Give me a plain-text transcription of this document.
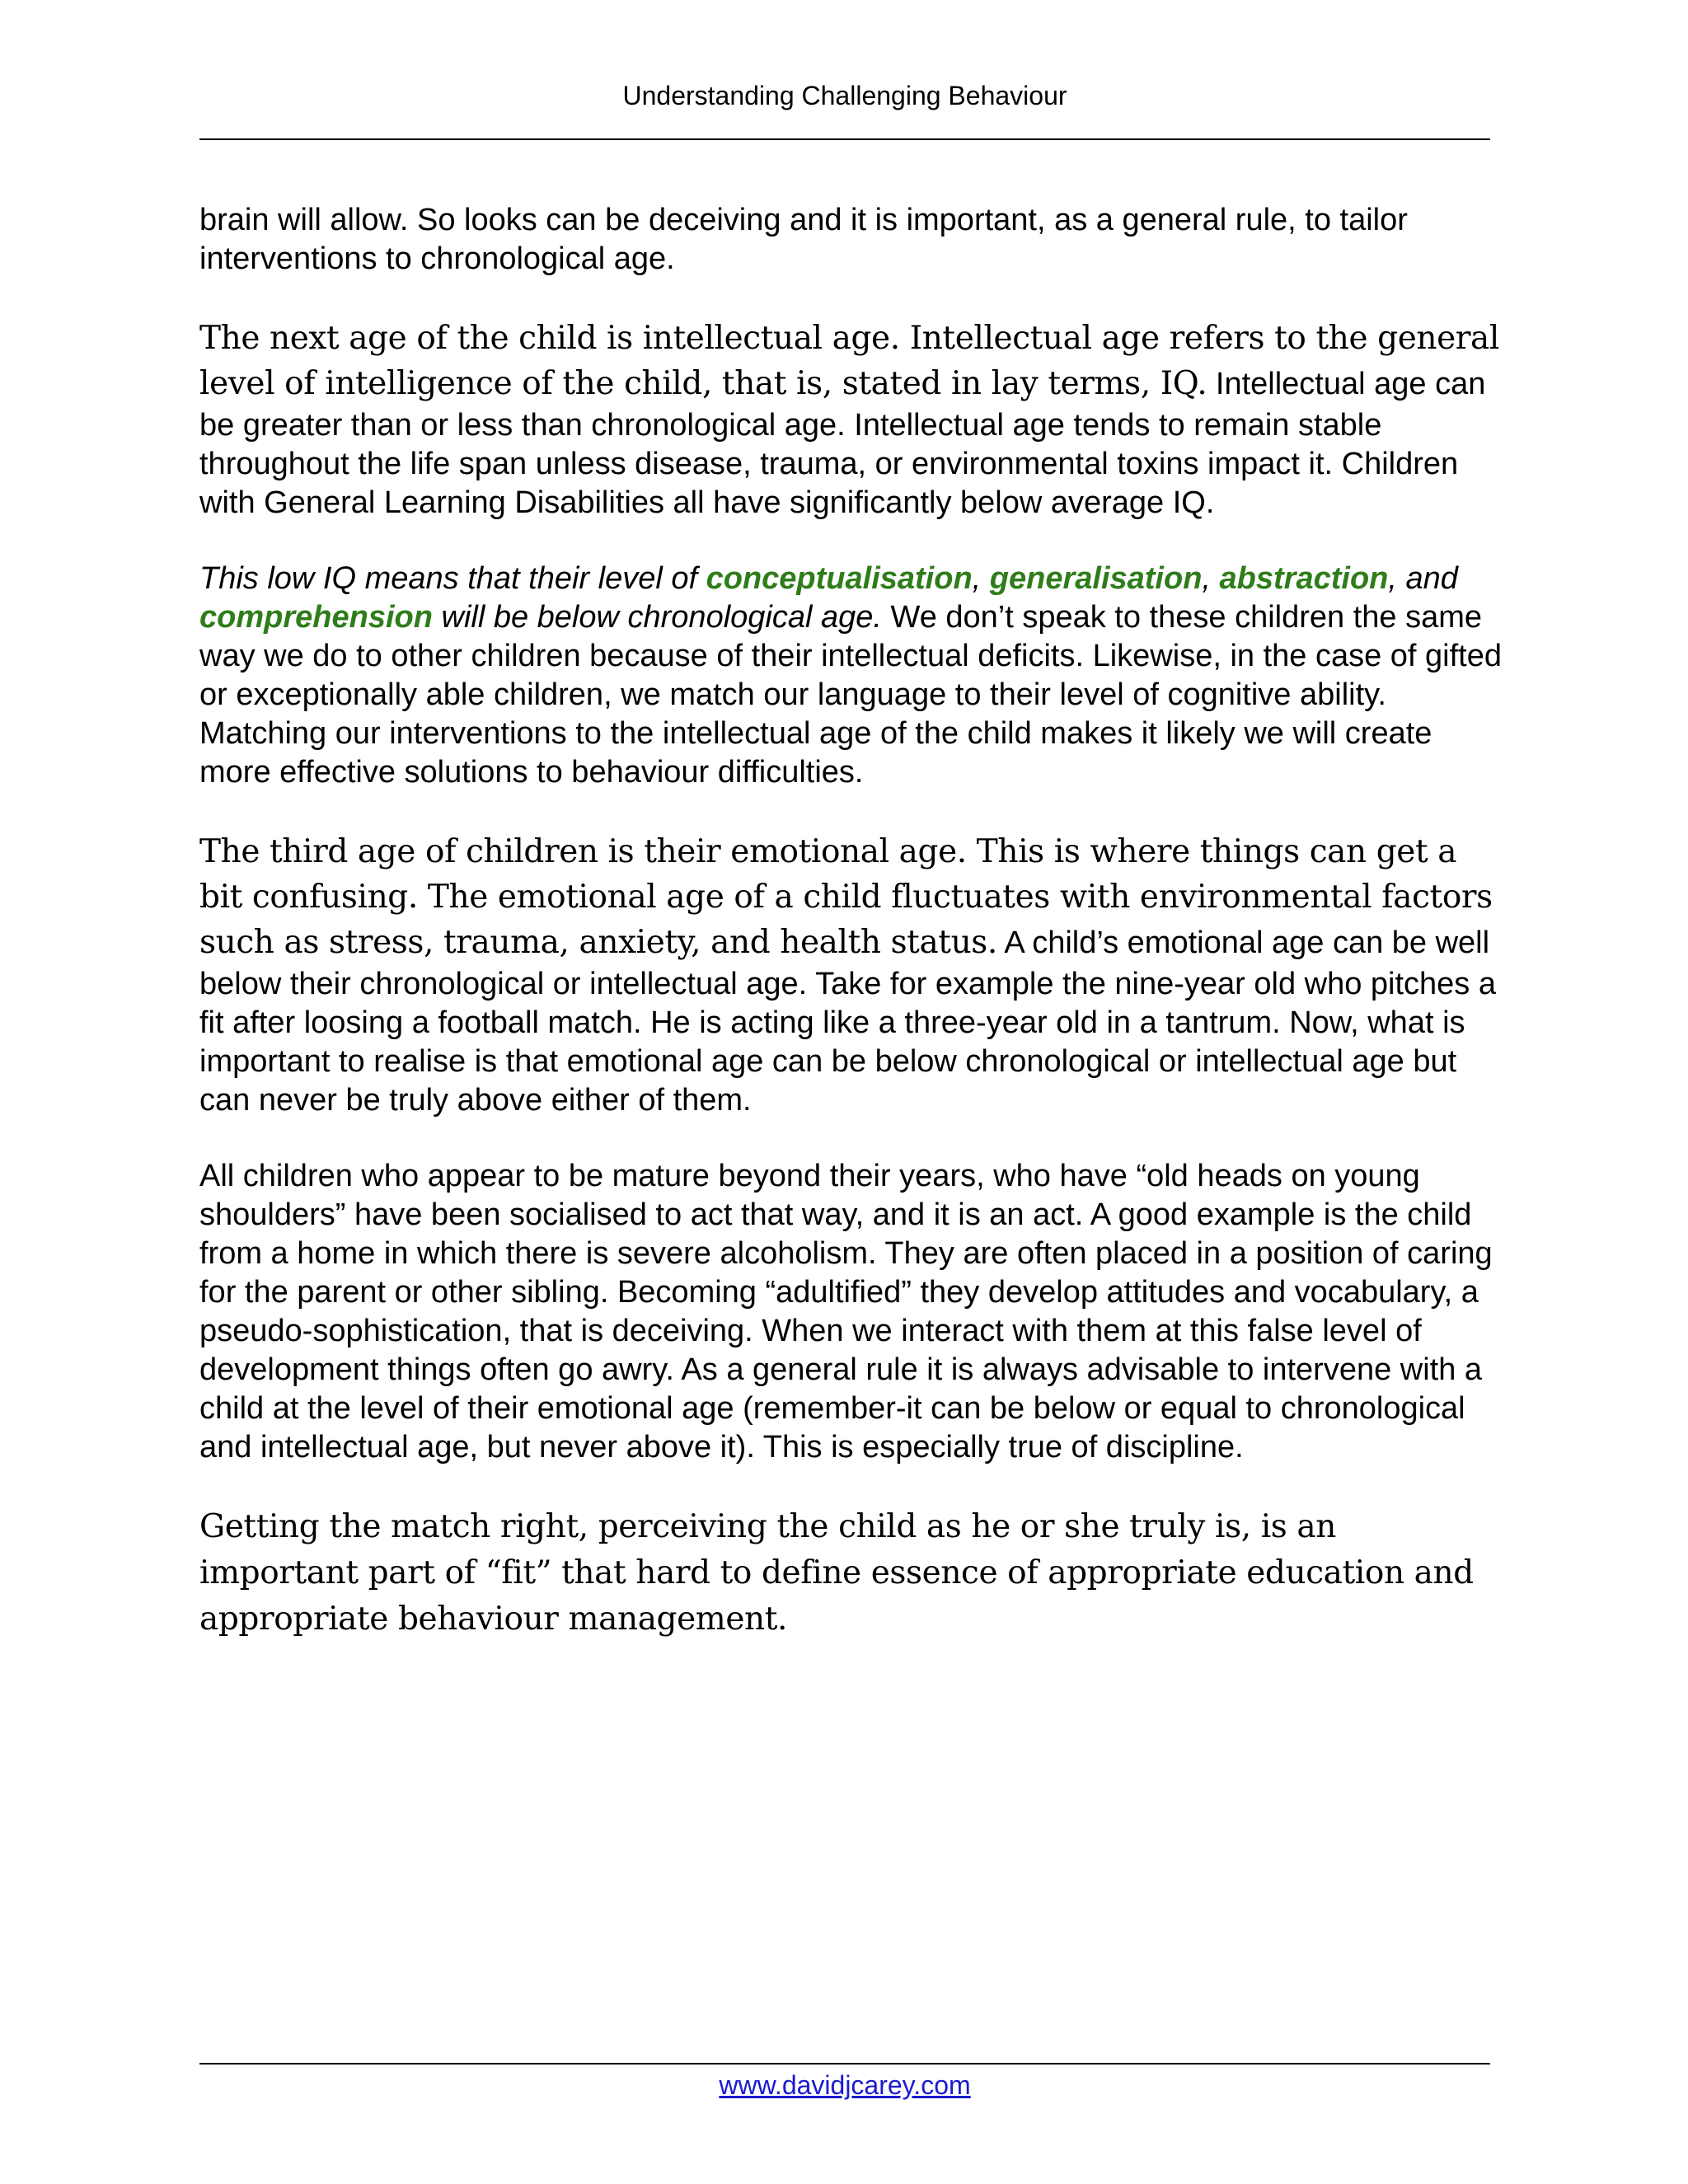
Understanding Challenging Behaviour

brain will allow. So looks can be deceiving and it is important, as a general rule, to tailor interventions to chronological age.

The next age of the child is intellectual age. Intellectual age refers to the general level of intelligence of the child, that is, stated in lay terms, IQ. Intellectual age can be greater than or less than chronological age. Intellectual age tends to remain stable throughout the life span unless disease, trauma, or environmental toxins impact it. Children with General Learning Disabilities all have significantly below average IQ.

This low IQ means that their level of conceptualisation, generalisation, abstraction, and comprehension will be below chronological age. We don’t speak to these children the same way we do to other children because of their intellectual deficits. Likewise, in the case of gifted or exceptionally able children, we match our language to their level of cognitive ability. Matching our interventions to the intellectual age of the child makes it likely we will create more effective solutions to behaviour difficulties.

The third age of children is their emotional age. This is where things can get a bit confusing. The emotional age of a child fluctuates with environmental factors such as stress, trauma, anxiety, and health status. A child’s emotional age can be well below their chronological or intellectual age. Take for example the nine-year old who pitches a fit after loosing a football match. He is acting like a three-year old in a tantrum. Now, what is important to realise is that emotional age can be below chronological or intellectual age but can never be truly above either of them.

All children who appear to be mature beyond their years, who have “old heads on young shoulders” have been socialised to act that way, and it is an act. A good example is the child from a home in which there is severe alcoholism. They are often placed in a position of caring for the parent or other sibling. Becoming “adultified” they develop attitudes and vocabulary, a pseudo-sophistication, that is deceiving. When we interact with them at this false level of development things often go awry. As a general rule it is always advisable to intervene with a child at the level of their emotional age (remember-it can be below or equal to chronological and intellectual age, but never above it). This is especially true of discipline.

Getting the match right, perceiving the child as he or she truly is, is an important part of “fit” that hard to define essence of appropriate education and appropriate behaviour management.

www.davidjcarey.com
